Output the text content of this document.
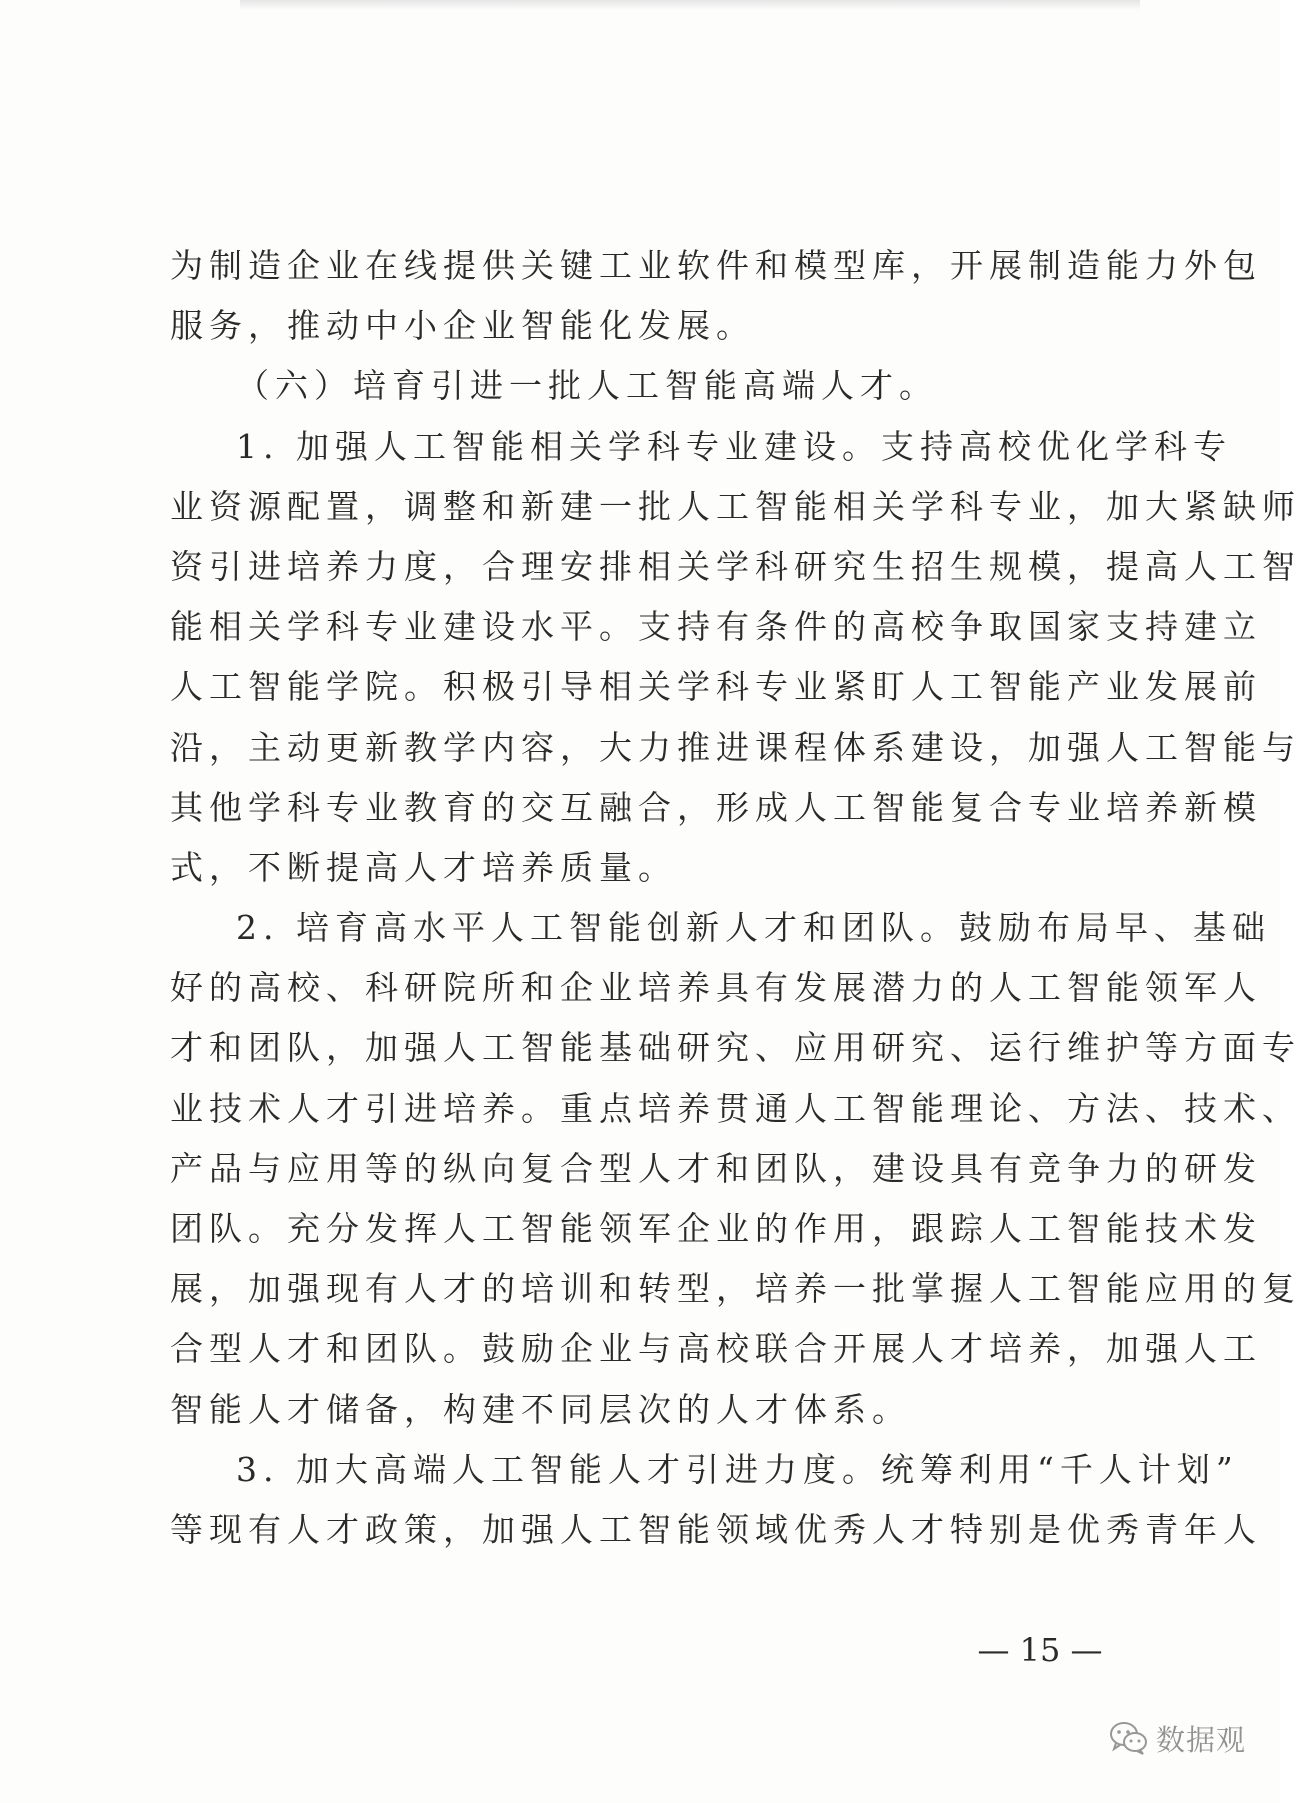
为制造企业在线提供关键工业软件和模型库，开展制造能力外包
服务，推动中小企业智能化发展。
（六）培育引进一批人工智能高端人才。
1. 加强人工智能相关学科专业建设。支持高校优化学科专
业资源配置，调整和新建一批人工智能相关学科专业，加大紧缺师
资引进培养力度，合理安排相关学科研究生招生规模，提高人工智
能相关学科专业建设水平。支持有条件的高校争取国家支持建立
人工智能学院。积极引导相关学科专业紧盯人工智能产业发展前
沿，主动更新教学内容，大力推进课程体系建设，加强人工智能与
其他学科专业教育的交互融合，形成人工智能复合专业培养新模
式，不断提高人才培养质量。
2. 培育高水平人工智能创新人才和团队。鼓励布局早、基础
好的高校、科研院所和企业培养具有发展潜力的人工智能领军人
才和团队，加强人工智能基础研究、应用研究、运行维护等方面专
业技术人才引进培养。重点培养贯通人工智能理论、方法、技术、
产品与应用等的纵向复合型人才和团队，建设具有竞争力的研发
团队。充分发挥人工智能领军企业的作用，跟踪人工智能技术发
展，加强现有人才的培训和转型，培养一批掌握人工智能应用的复
合型人才和团队。鼓励企业与高校联合开展人才培养，加强人工
智能人才储备，构建不同层次的人才体系。
3. 加大高端人工智能人才引进力度。统筹利用“千人计划”
等现有人才政策，加强人工智能领域优秀人才特别是优秀青年人
— 15 —
数据观
